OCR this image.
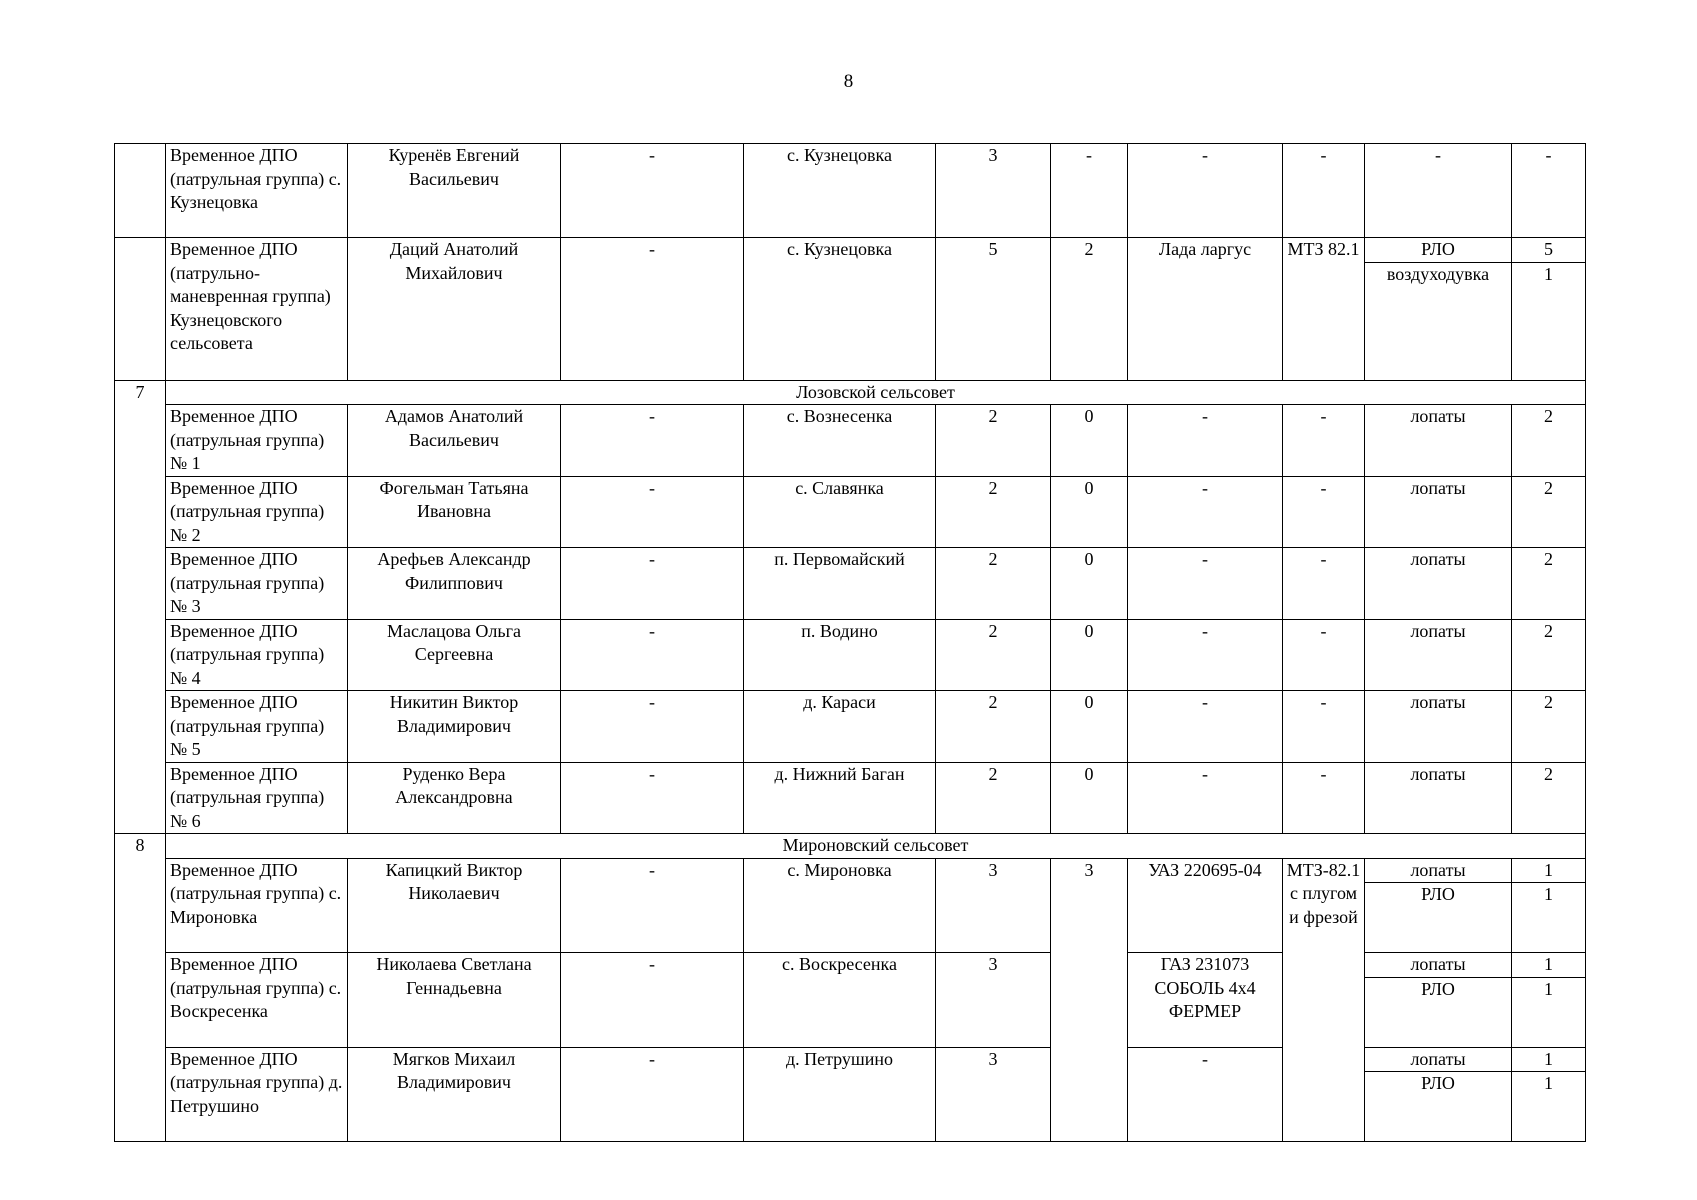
8
	Временное ДПО (патрульная группа) с. Кузнецовка	Куренёв Евгений Васильевич	-	с. Кузнецовка	3	-	-	-	-	-
	Временное ДПО (патрульно-маневренная группа) Кузнецовского сельсовета	Даций Анатолий Михайлович	-	с. Кузнецовка	5	2	Лада ларгус	МТЗ 82.1	РЛО	5
									воздуходувка	1
7	Лозовской сельсовет									
	Временное ДПО (патрульная группа) № 1	Адамов Анатолий Васильевич	-	с. Вознесенка	2	0	-	-	лопаты	2
	Временное ДПО (патрульная группа) № 2	Фогельман Татьяна Ивановна	-	с. Славянка	2	0	-	-	лопаты	2
	Временное ДПО (патрульная группа) № 3	Арефьев Александр Филиппович	-	п. Первомайский	2	0	-	-	лопаты	2
	Временное ДПО (патрульная группа) № 4	Маслацова Ольга Сергеевна	-	п. Водино	2	0	-	-	лопаты	2
	Временное ДПО (патрульная группа) № 5	Никитин Виктор Владимирович	-	д. Караси	2	0	-	-	лопаты	2
	Временное ДПО (патрульная группа) № 6	Руденко Вера Александровна	-	д. Нижний Баган	2	0	-	-	лопаты	2
8	Мироновский сельсовет									
	Временное ДПО (патрульная группа) с. Мироновка	Капицкий Виктор Николаевич	-	с. Мироновка	3	3	УАЗ 220695-04	МТЗ-82.1 с плугом и фрезой	лопаты	1
									РЛО	1
	Временное ДПО (патрульная группа) с. Воскресенка	Николаева Светлана Геннадьевна	-	с. Воскресенка	3		ГАЗ 231073 СОБОЛЬ 4х4 ФЕРМЕР		лопаты	1
									РЛО	1
	Временное ДПО (патрульная группа) д. Петрушино	Мягков Михаил Владимирович	-	д. Петрушино	3		-		лопаты	1
									РЛО	1
